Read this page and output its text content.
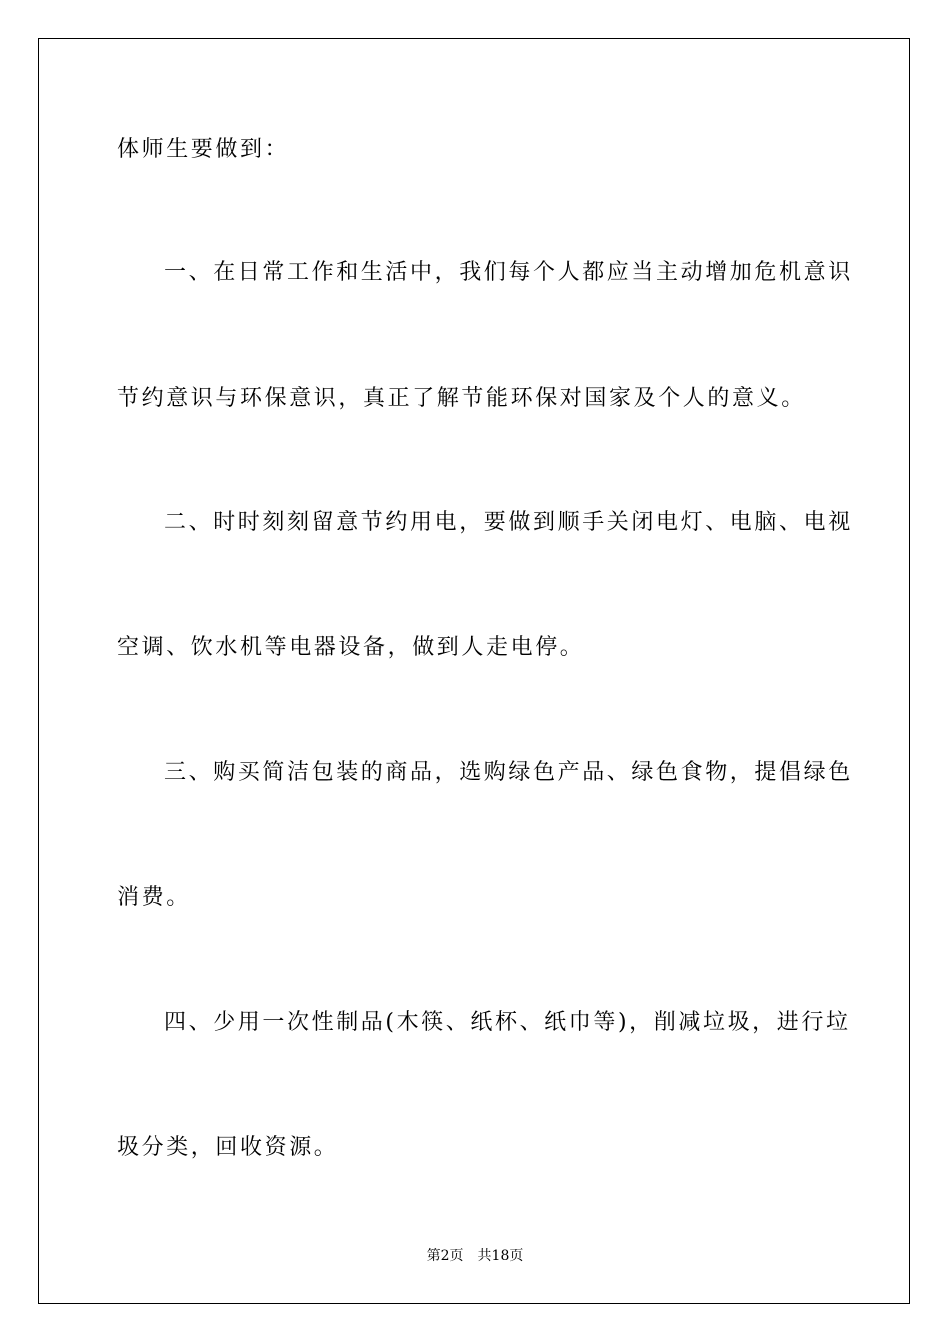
体师生要做到：

一、在日常工作和生活中，我们每个人都应当主动增加危机意识

节约意识与环保意识，真正了解节能环保对国家及个人的意义。

二、时时刻刻留意节约用电，要做到顺手关闭电灯、电脑、电视

空调、饮水机等电器设备，做到人走电停。

三、购买简洁包装的商品，选购绿色产品、绿色食物，提倡绿色

消费。

四、少用一次性制品(木筷、纸杯、纸巾等)，削减垃圾，进行垃

圾分类，回收资源。

第2页 共18页
